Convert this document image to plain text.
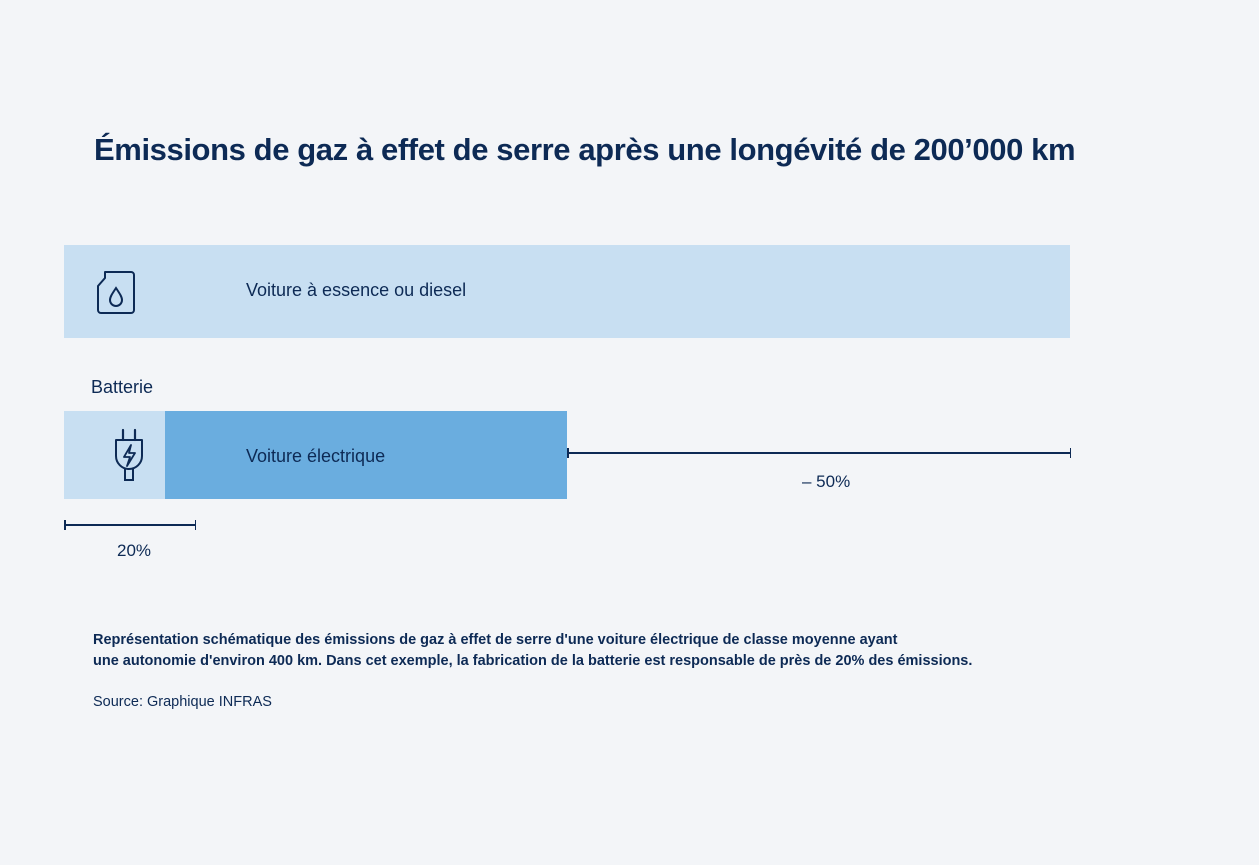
Émissions de gaz à effet de serre après une longévité de 200’000 km
Voiture à essence ou diesel
Batterie
Voiture électrique
– 50%
20%

Représentation schématique des émissions de gaz à effet de serre d'une voiture électrique de classe moyenne ayant
une autonomie d'environ 400 km. Dans cet exemple, la fabrication de la batterie est responsable de près de 20% des émissions.

Source: Graphique INFRAS
